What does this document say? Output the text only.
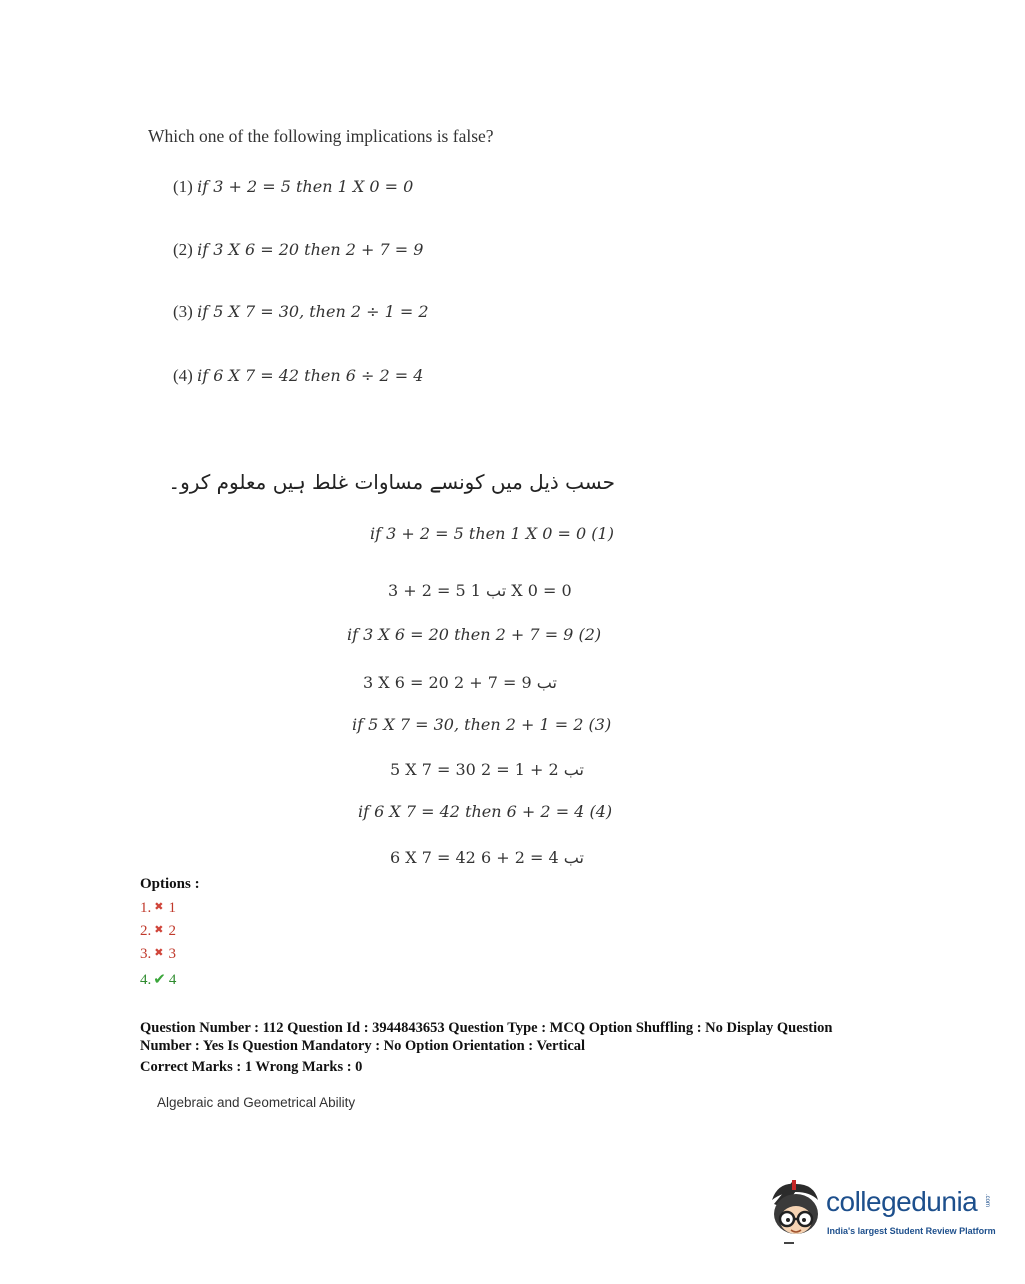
Which one of the following implications is false?
(1) if 3 + 2 = 5 then 1 X 0 = 0
(2) if 3 X 6 = 20 then 2 + 7 = 9
(3) if 5 X 7 = 30, then 2 ÷ 1 = 2
(4) if 6 X 7 = 42 then 6 ÷ 2 = 4
حسب ذیل میں کونسے مساوات غلط ہیں معلوم کرو۔
if 3 + 2 = 5 then 1 X 0 = 0 (1)
3 + 2 = 5 تب 1 X 0 = 0
if 3 X 6 = 20 then 2 + 7 = 9 (2)
3 X 6 = 20 2 + 7 = 9 تب
if 5 X 7 = 30, then 2 + 1 = 2 (3)
5 X 7 = 30 تب 2 + 1 = 2
if 6 X 7 = 42 then 6 + 2 = 4 (4)
6 X 7 = 42 6 + 2 = 4 تب
Options :
1. ✖ 1
2. ✖ 2
3. ✖ 3
4. ✔ 4
Question Number : 112 Question Id : 3944843653 Question Type : MCQ Option Shuffling : No Display Question
Number : Yes Is Question Mandatory : No Option Orientation : Vertical
Correct Marks : 1 Wrong Marks : 0
Algebraic and Geometrical Ability
collegedunia .com
India's largest Student Review Platform
